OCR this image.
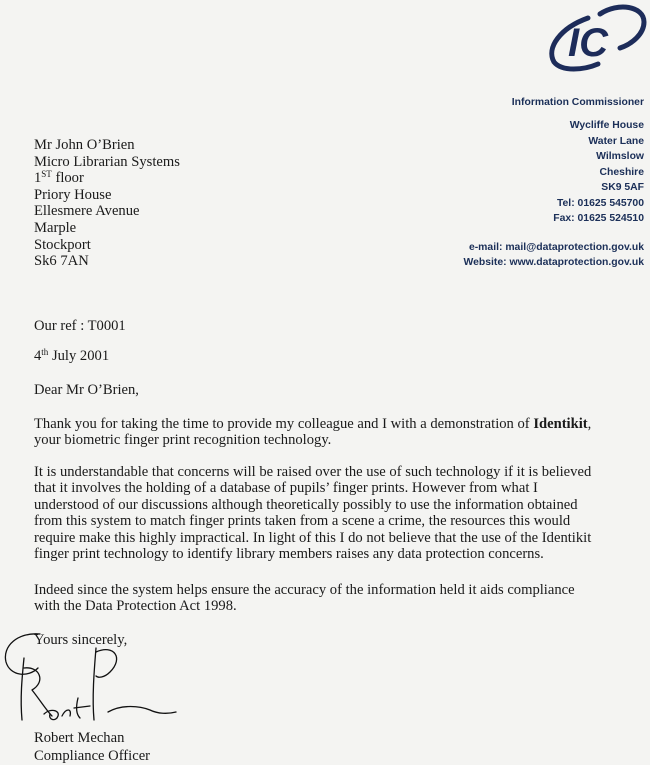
IC
Information Commissioner
Wycliffe House
Water Lane
Wilmslow
Cheshire
SK9 5AF
Tel: 01625 545700
Fax: 01625 524510
e-mail: mail@dataprotection.gov.uk
Website: www.dataprotection.gov.uk
Mr John O’Brien
Micro Librarian Systems
1ST floor
Priory House
Ellesmere Avenue
Marple
Stockport
Sk6 7AN
Our ref : T0001
4th July 2001
Dear Mr O’Brien,
Thank you for taking the time to provide my colleague and I with a demonstration of Identikit, your biometric finger print recognition technology.
It is understandable that concerns will be raised over the use of such technology if it is believed that it involves the holding of a database of pupils’ finger prints. However from what I understood of our discussions although theoretically possibly to use the information obtained from this system to match finger prints taken from a scene a crime, the resources this would require make this highly impractical. In light of this I do not believe that the use of the Identikit finger print technology to identify library members raises any data protection concerns.
Indeed since the system helps ensure the accuracy of the information held it aids compliance with the Data Protection Act 1998.
Yours sincerely,
Robert Mechan
Compliance Officer
